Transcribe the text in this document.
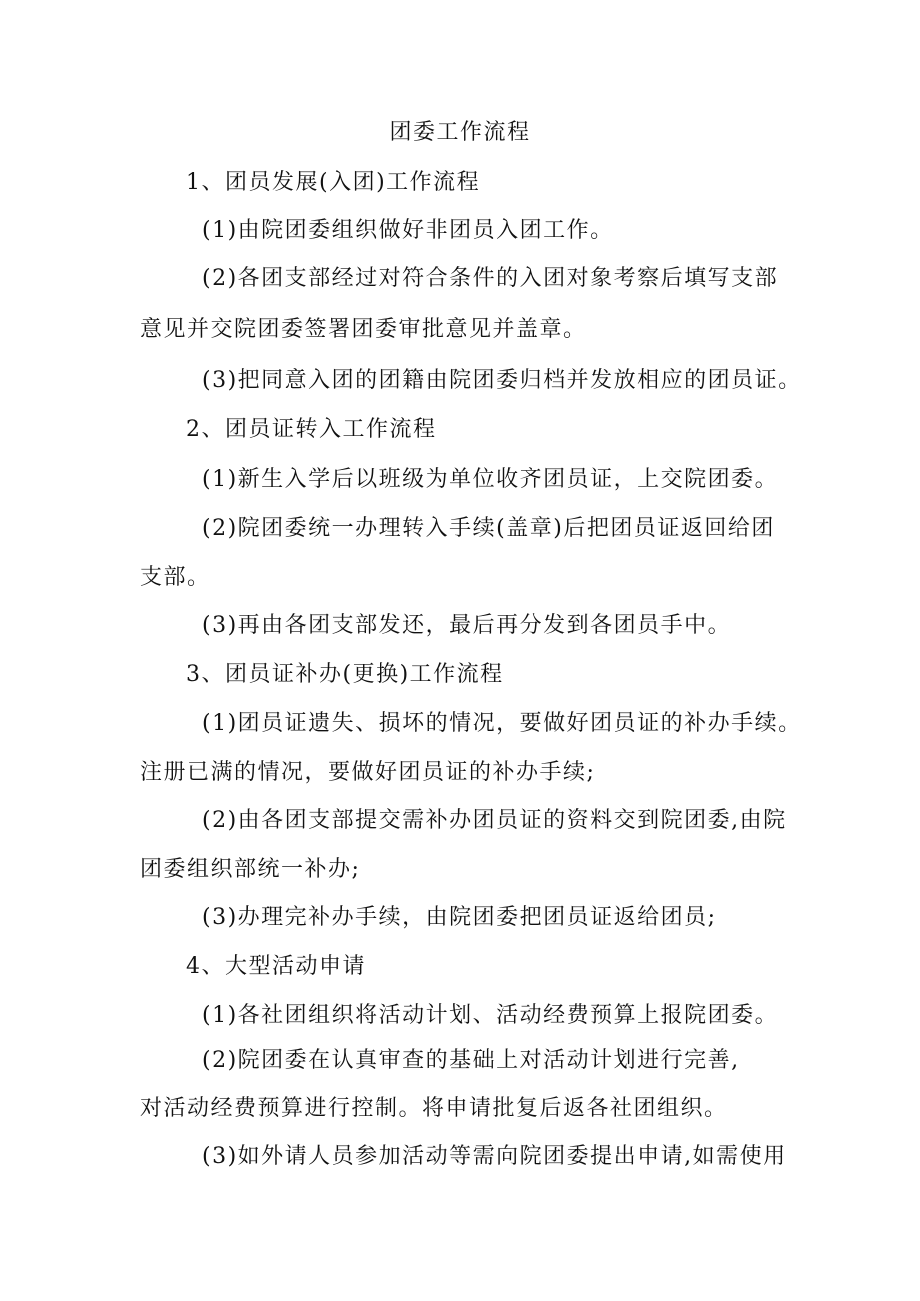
团委工作流程
1、团员发展(入团)工作流程
(1)由院团委组织做好非团员入团工作。
(2)各团支部经过对符合条件的入团对象考察后填写支部
意见并交院团委签署团委审批意见并盖章。
(3)把同意入团的团籍由院团委归档并发放相应的团员证。
2、团员证转入工作流程
(1)新生入学后以班级为单位收齐团员证，上交院团委。
(2)院团委统一办理转入手续(盖章)后把团员证返回给团
支部。
(3)再由各团支部发还，最后再分发到各团员手中。
3、团员证补办(更换)工作流程
(1)团员证遗失、损坏的情况，要做好团员证的补办手续。
注册已满的情况，要做好团员证的补办手续;
(2)由各团支部提交需补办团员证的资料交到院团委,由院
团委组织部统一补办;
(3)办理完补办手续，由院团委把团员证返给团员;
4、大型活动申请
(1)各社团组织将活动计划、活动经费预算上报院团委。
(2)院团委在认真审查的基础上对活动计划进行完善,
对活动经费预算进行控制。将申请批复后返各社团组织。
(3)如外请人员参加活动等需向院团委提出申请,如需使用
